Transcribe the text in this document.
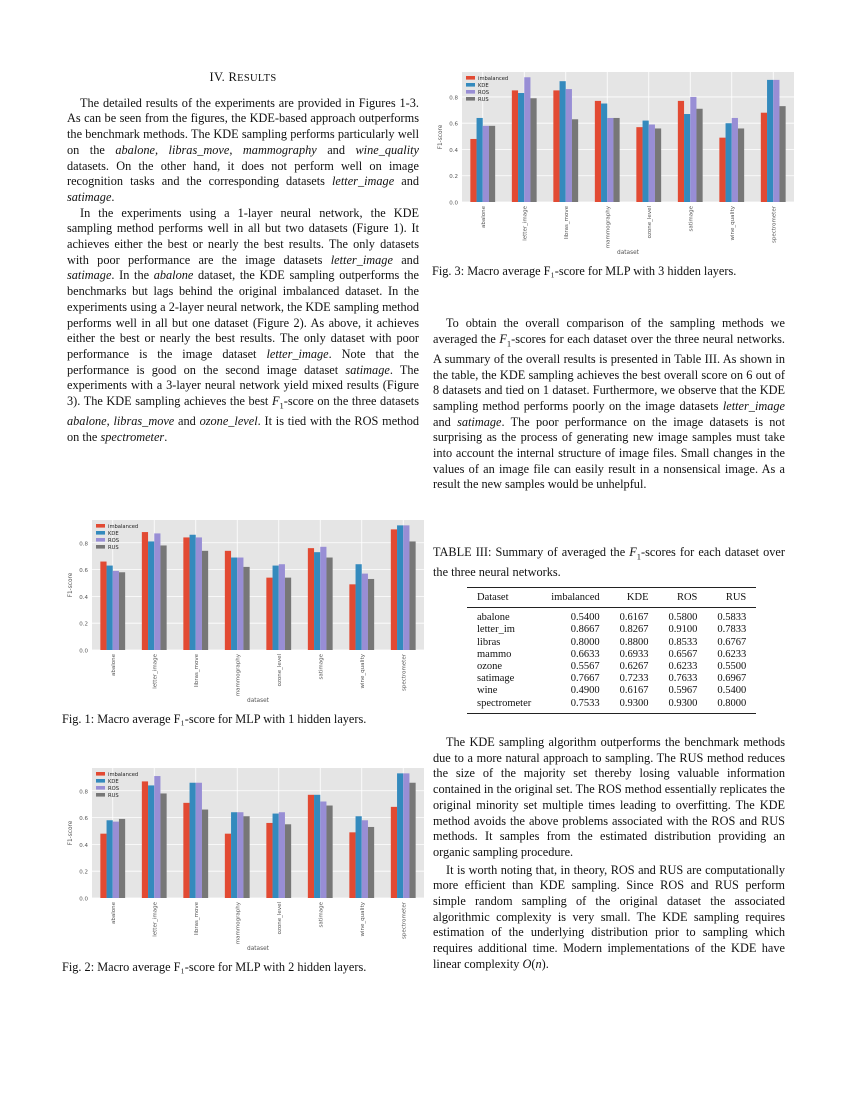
IV. RESULTS

The detailed results of the experiments are provided in Figures 1-3. As can be seen from the figures, the KDE-based approach outperforms the benchmark methods. The KDE sampling performs particularly well on the abalone, libras_move, mammography and wine_quality datasets. On the other hand, it does not perform well on image recognition tasks and the corresponding datasets letter_image and satimage.

In the experiments using a 1-layer neural network, the KDE sampling method performs well in all but two datasets (Figure 1). It achieves either the best or nearly the best results. The only datasets with poor performance are the image datasets letter_image and satimage. In the abalone dataset, the KDE sampling outperforms the benchmarks but lags behind the original imbalanced dataset. In the experiments using a 2-layer neural network, the KDE sampling method performs well in all but one dataset (Figure 2). As above, it achieves either the best or nearly the best results. The only dataset with poor performance is the image dataset letter_image. Note that the performance is good on the second image dataset satimage. The experiments with a 3-layer neural network yield mixed results (Figure 3). The KDE sampling achieves the best $F_1$-score on the three datasets abalone, libras_move and ozone_level. It is tied with the ROS method on the spectrometer.

0.0
0.2
0.4
0.6
0.8
abalone	letter_image	libras_move	mammography	ozone_level	satimage	wine_quality	spectrometer
dataset
F1-score
imbalanced
KDE
ROS
RUS
Fig. 1: Macro average F₁-score for MLP with 1 hidden layers.
0.0
0.2
0.4
0.6
0.8
abalone	letter_image	libras_move	mammography	ozone_level	satimage	wine_quality	spectrometer
dataset
F1-score
imbalanced
KDE
ROS
RUS
Fig. 2: Macro average F₁-score for MLP with 2 hidden layers.
0.0
0.2
0.4
0.6
0.8
abalone	letter_image	libras_move	mammography	ozone_level	satimage	wine_quality	spectrometer
dataset
F1-score
imbalanced
KDE
ROS
RUS
Fig. 3: Macro average F₁-score for MLP with 3 hidden layers.

To obtain the overall comparison of the sampling methods we averaged the $F_1$-scores for each dataset over the three neural networks. A summary of the overall results is presented in Table III. As shown in the table, the KDE sampling achieves the best overall score on 6 out of 8 datasets and tied on 1 dataset. Furthermore, we observe that the KDE sampling method performs poorly on the image datasets letter_image and satimage. The poor performance on the image datasets is not surprising as the process of generating new image samples must take into account the internal structure of image files. Small changes in the values of an image file can easily result in a nonsensical image. As a result the new samples would be unhelpful.

TABLE III: Summary of averaged the $F_1$-scores for each dataset over the three neural networks.
Dataset	imbalanced	KDE	ROS	RUS
abalone	0.5400	0.6167	0.5800	0.5833
letter_im	0.8667	0.8267	0.9100	0.7833
libras	0.8000	0.8800	0.8533	0.6767
mammo	0.6633	0.6933	0.6567	0.6233
ozone	0.5567	0.6267	0.6233	0.5500
satimage	0.7667	0.7233	0.7633	0.6967
wine	0.4900	0.6167	0.5967	0.5400
spectrometer	0.7533	0.9300	0.9300	0.8000

The KDE sampling algorithm outperforms the benchmark methods due to a more natural approach to sampling. The RUS method reduces the size of the majority set thereby losing valuable information contained in the original set. The ROS method essentially replicates the original minority set multiple times leading to overfitting. The KDE method avoids the above problems associated with the ROS and RUS methods. It samples from the estimated distribution providing an organic sampling procedure.

It is worth noting that, in theory, ROS and RUS are computationally more efficient than KDE sampling. Since ROS and RUS perform simple random sampling of the original dataset the associated algorithmic complexity is very small. The KDE sampling requires estimation of the underlying distribution prior to sampling which requires additional time. Modern implementations of the KDE have linear complexity O(n).
